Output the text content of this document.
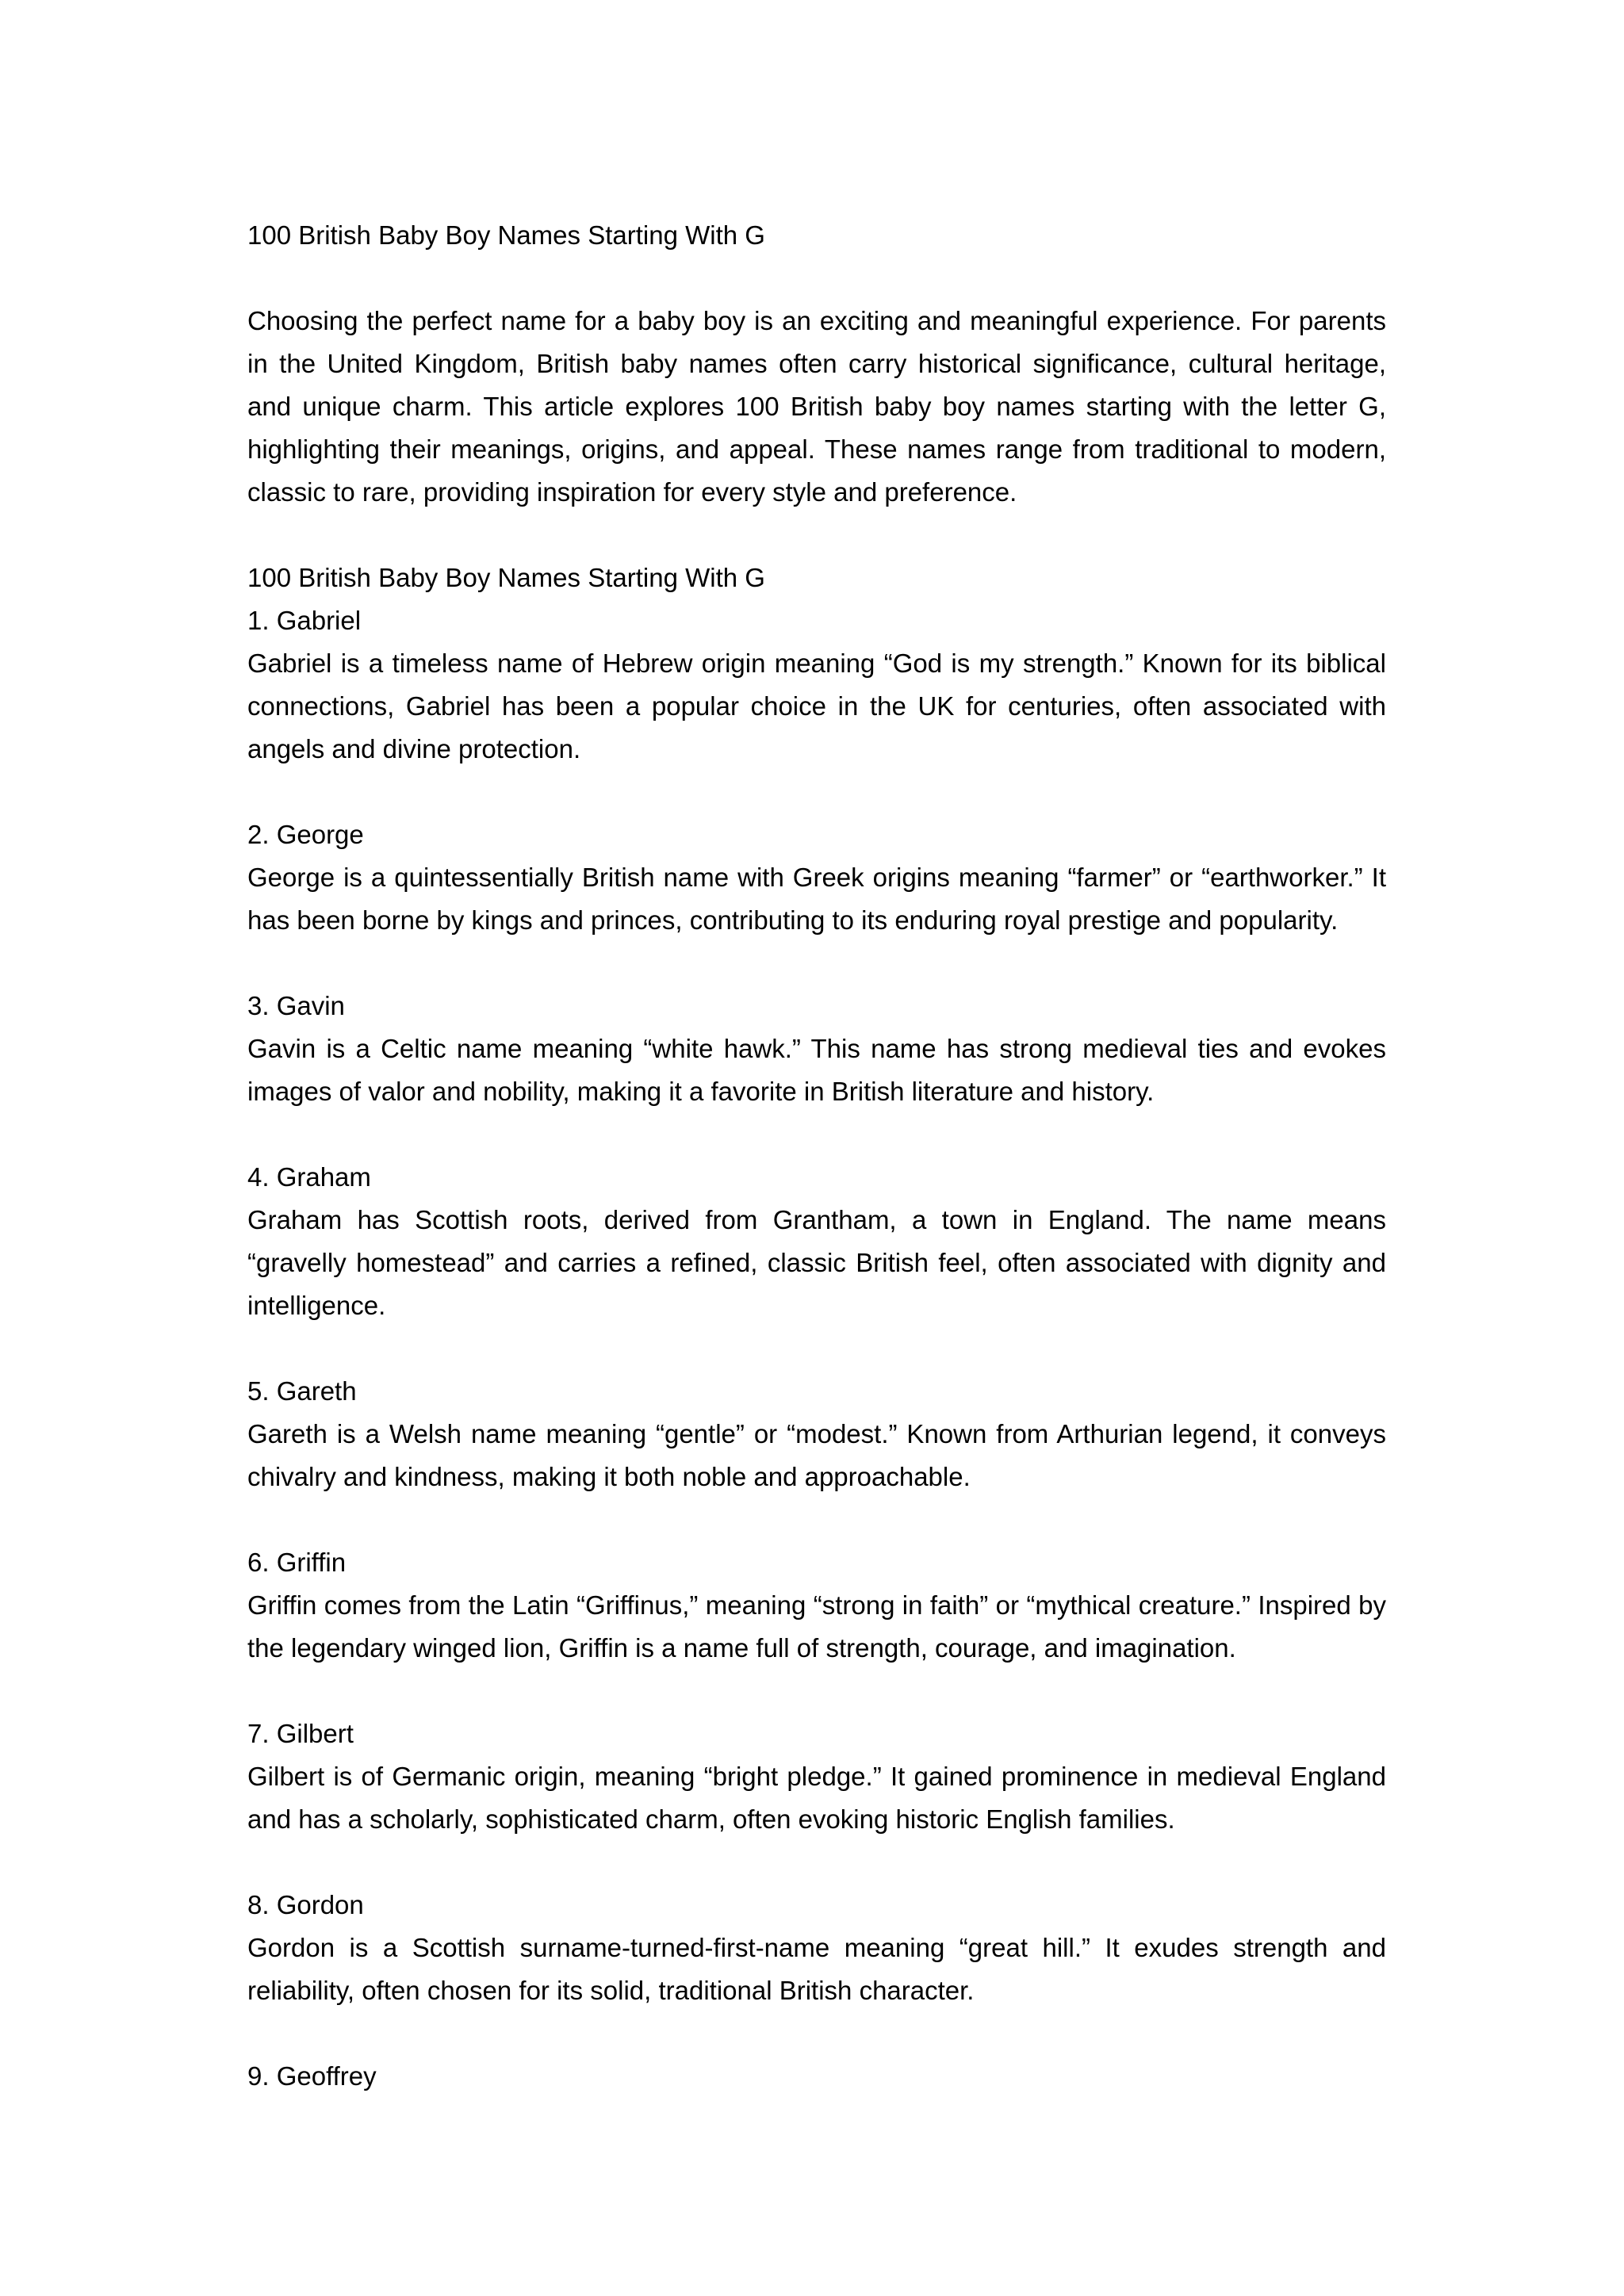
100 British Baby Boy Names Starting With G

Choosing the perfect name for a baby boy is an exciting and meaningful experience. For parents in the United Kingdom, British baby names often carry historical significance, cultural heritage, and unique charm. This article explores 100 British baby boy names starting with the letter G, highlighting their meanings, origins, and appeal. These names range from traditional to modern, classic to rare, providing inspiration for every style and preference.

100 British Baby Boy Names Starting With G

1. Gabriel

Gabriel is a timeless name of Hebrew origin meaning “God is my strength.” Known for its biblical connections, Gabriel has been a popular choice in the UK for centuries, often associated with angels and divine protection.

2. George

George is a quintessentially British name with Greek origins meaning “farmer” or “earthworker.” It has been borne by kings and princes, contributing to its enduring royal prestige and popularity.

3. Gavin

Gavin is a Celtic name meaning “white hawk.” This name has strong medieval ties and evokes images of valor and nobility, making it a favorite in British literature and history.

4. Graham

Graham has Scottish roots, derived from Grantham, a town in England. The name means “gravelly homestead” and carries a refined, classic British feel, often associated with dignity and intelligence.

5. Gareth

Gareth is a Welsh name meaning “gentle” or “modest.” Known from Arthurian legend, it conveys chivalry and kindness, making it both noble and approachable.

6. Griffin

Griffin comes from the Latin “Griffinus,” meaning “strong in faith” or “mythical creature.” Inspired by the legendary winged lion, Griffin is a name full of strength, courage, and imagination.

7. Gilbert

Gilbert is of Germanic origin, meaning “bright pledge.” It gained prominence in medieval England and has a scholarly, sophisticated charm, often evoking historic English families.

8. Gordon

Gordon is a Scottish surname-turned-first-name meaning “great hill.” It exudes strength and reliability, often chosen for its solid, traditional British character.

9. Geoffrey
